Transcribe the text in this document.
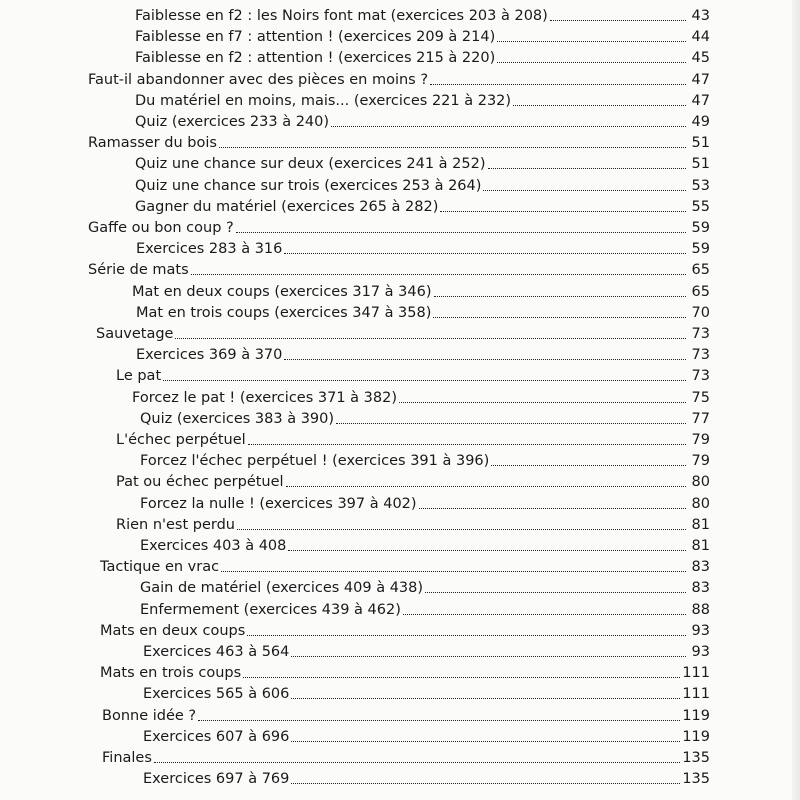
Faiblesse en f2 : les Noirs font mat (exercices 203 à 208)	43
Faiblesse en f7 : attention ! (exercices 209 à 214)	44
Faiblesse en f2 : attention ! (exercices 215 à 220)	45
Faut-il abandonner avec des pièces en moins ?	47
Du matériel en moins, mais... (exercices 221 à 232)	47
Quiz (exercices 233 à 240)	49
Ramasser du bois	51
Quiz une chance sur deux (exercices 241 à 252)	51
Quiz une chance sur trois (exercices 253 à 264)	53
Gagner du matériel (exercices 265 à 282)	55
Gaffe ou bon coup ?	59
Exercices 283 à 316	59
Série de mats	65
Mat en deux coups (exercices 317 à 346)	65
Mat en trois coups (exercices 347 à 358)	70
Sauvetage	73
Exercices 369 à 370	73
Le pat	73
Forcez le pat ! (exercices 371 à 382)	75
Quiz (exercices 383 à 390)	77
L'échec perpétuel	79
Forcez l'échec perpétuel ! (exercices 391 à 396)	79
Pat ou échec perpétuel	80
Forcez la nulle ! (exercices 397 à 402)	80
Rien n'est perdu	81
Exercices 403 à 408	81
Tactique en vrac	83
Gain de matériel (exercices 409 à 438)	83
Enfermement (exercices 439 à 462)	88
Mats en deux coups	93
Exercices 463 à 564	93
Mats en trois coups	111
Exercices 565 à 606	111
Bonne idée ?	119
Exercices 607 à 696	119
Finales	135
Exercices 697 à 769	135
